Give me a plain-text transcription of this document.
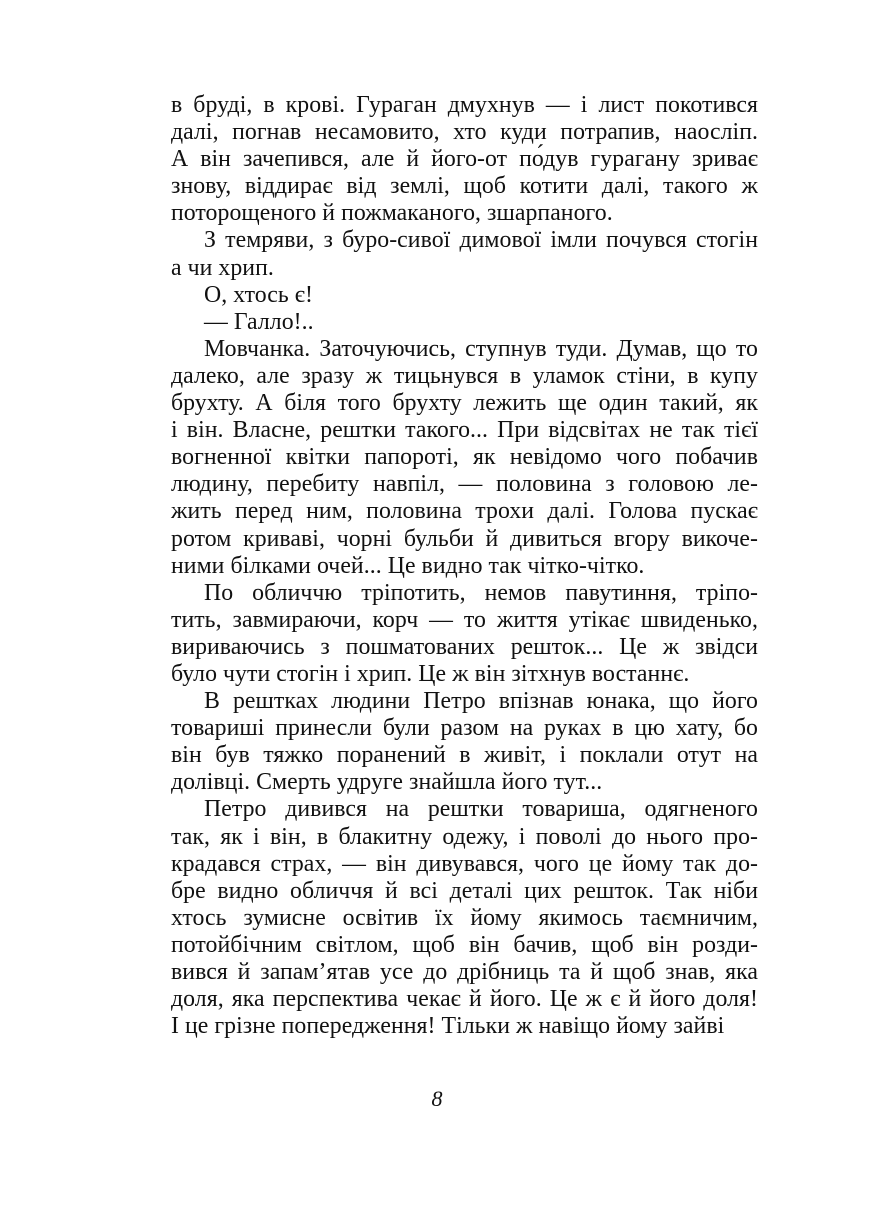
в бруді, в крові. Гураган дмухнув — і лист покотився
далі, погнав несамовито, хто куди потрапив, наосліп.
А він зачепився, але й його-от по́дув гурагану зриває
знову, віддирає від землі, щоб котити далі, такого ж
поторощеного й пожмаканого, зшарпаного.

З темряви, з буро-сивої димової імли почувся стогін
а чи хрип.

О, хтось є!

— Галло!..

Мовчанка. Заточуючись, ступнув туди. Думав, що то
далеко, але зразу ж тицьнувся в уламок стіни, в купу
брухту. А біля того брухту лежить ще один такий, як
і він. Власне, рештки такого... При відсвітах не так тієї
вогненної квітки папороті, як невідомо чого побачив
людину, перебиту навпіл, — половина з головою ле-
жить перед ним, половина трохи далі. Голова пускає
ротом криваві, чорні бульби й дивиться вгору викоче-
ними білками очей... Це видно так чітко-чітко.

По обличчю тріпотить, немов павутиння, тріпо-
тить, завмираючи, корч — то життя утікає швиденько,
вириваючись з пошматованих решток... Це ж звідси
було чути стогін і хрип. Це ж він зітхнув востаннє.

В рештках людини Петро впізнав юнака, що його
товариші принесли були разом на руках в цю хату, бо
він був тяжко поранений в живіт, і поклали отут на
долівці. Смерть удруге знайшла його тут...

Петро дивився на рештки товариша, одягненого
так, як і він, в блакитну одежу, і поволі до нього про-
крадався страх, — він дивувався, чого це йому так до-
бре видно обличчя й всі деталі цих решток. Так ніби
хтось зумисне освітив їх йому якимось таємничим,
потойбічним світлом, щоб він бачив, щоб він розди-
вився й запам’ятав усе до дрібниць та й щоб знав, яка
доля, яка перспектива чекає й його. Це ж є й його доля!
І це грізне попередження! Тільки ж навіщо йому зайві

8
